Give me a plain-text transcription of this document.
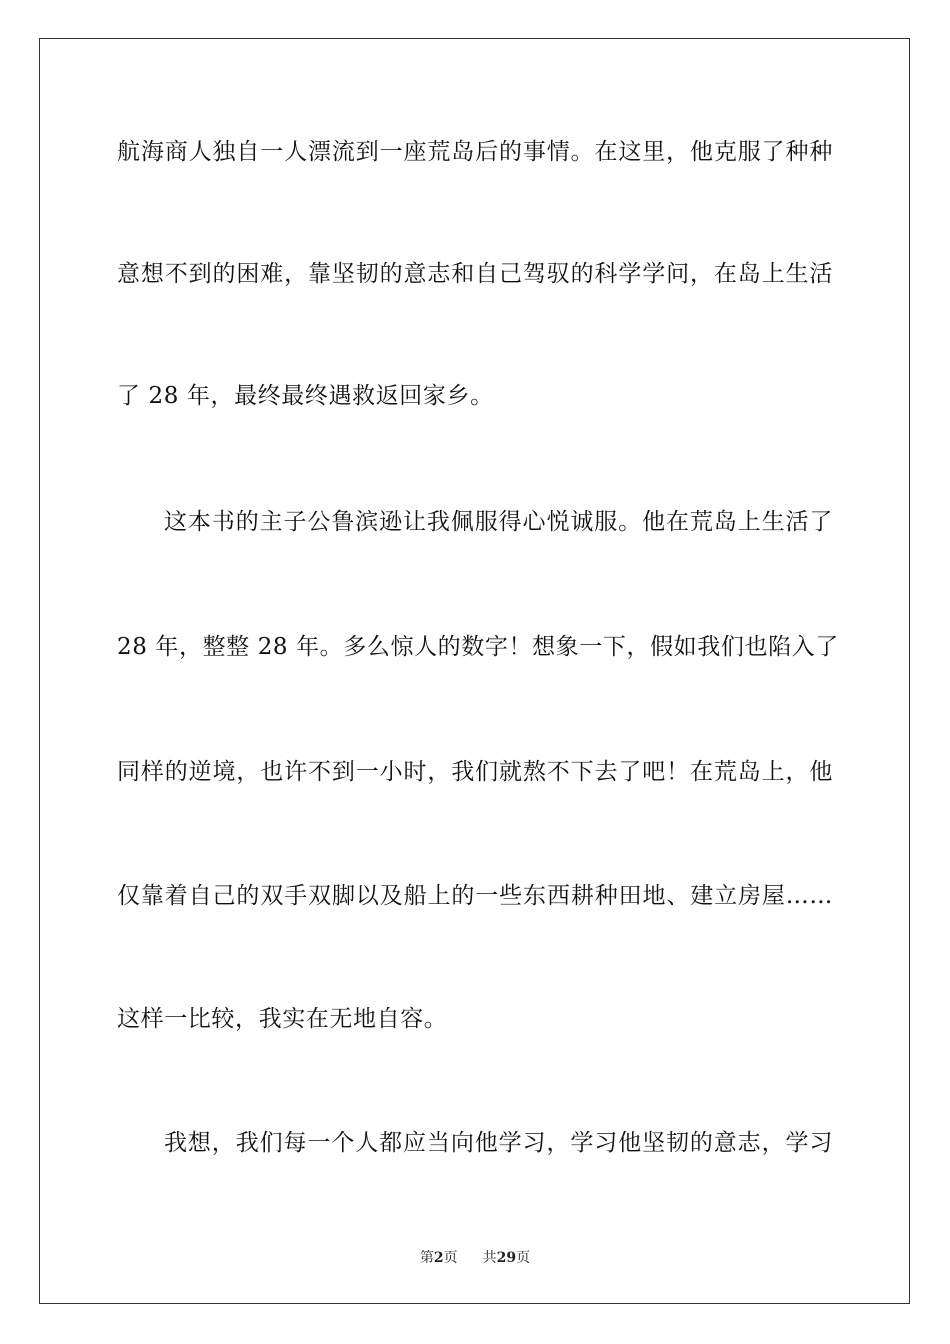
航海商人独自一人漂流到一座荒岛后的事情。在这里，他克服了种种
意想不到的困难，靠坚韧的意志和自己驾驭的科学学问，在岛上生活
了 28 年，最终最终遇救返回家乡。
这本书的主子公鲁滨逊让我佩服得心悦诚服。他在荒岛上生活了
28 年，整整 28 年。多么惊人的数字！想象一下，假如我们也陷入了
同样的逆境，也许不到一小时，我们就熬不下去了吧！在荒岛上，他
仅靠着自己的双手双脚以及船上的一些东西耕种田地、建立房屋……
这样一比较，我实在无地自容。
我想，我们每一个人都应当向他学习，学习他坚韧的意志，学习
第2页 共29页
